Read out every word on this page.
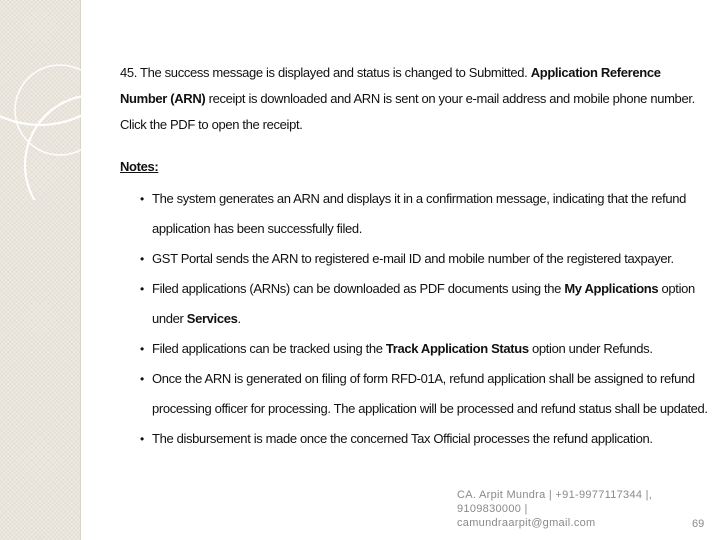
45. The success message is displayed and status is changed to Submitted. Application Reference Number (ARN) receipt is downloaded and ARN is sent on your e-mail address and mobile phone number. Click the PDF to open the receipt.

Notes:

• The system generates an ARN and displays it in a confirmation message, indicating that the refund application has been successfully filed.
• GST Portal sends the ARN to registered e-mail ID and mobile number of the registered taxpayer.
• Filed applications (ARNs) can be downloaded as PDF documents using the My Applications option under Services.
• Filed applications can be tracked using the Track Application Status option under Refunds.
• Once the ARN is generated on filing of form RFD-01A, refund application shall be assigned to refund processing officer for processing. The application will be processed and refund status shall be updated.
• The disbursement is made once the concerned Tax Official processes the refund application.
CA. Arpit Mundra | +91-9977117344 |,
9109830000 |
camundraarpit@gmail.com	69
